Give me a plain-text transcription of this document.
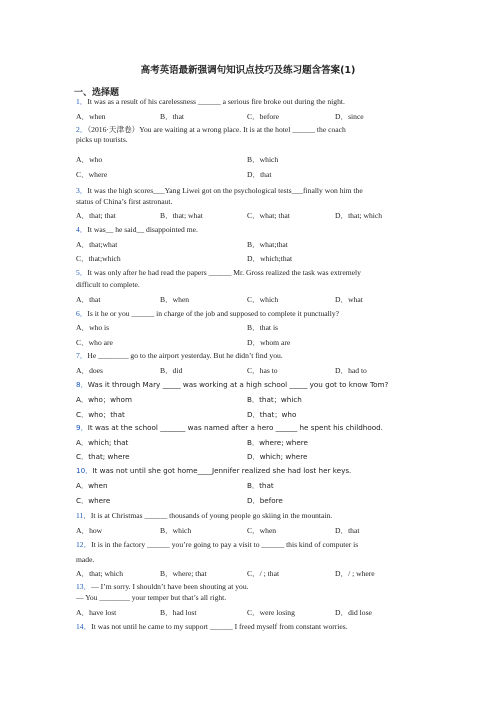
高考英语最新强调句知识点技巧及练习题含答案(1)
一、选择题
1．It was as a result of his carelessness ______ a serious fire broke out during the night.
A．when	B．that	C．before	D．since
2．（2016·天津卷）You are waiting at a wrong place. It is at the hotel ______ the coach
picks up tourists.
A．who	B．which
C．where	D．that
3．It was the high scores___Yang Liwei got on the psychological tests___finally won him the
status of China’s first astronaut.
A．that; that	B．that; what	C．what; that	D．that; which
4．It was__ he said__ disappointed me.
A．that;what	B．what;that
C．that;which	D．which;that
5．It was only after he had read the papers ______ Mr. Gross realized the task was extremely
difficult to complete.
A．that	B．when	C．which	D．what
6．Is it he or you ______ in charge of the job and supposed to complete it punctually?
A．who is	B．that is
C．who are	D．whom are
7．He ________ go to the airport yesterday. But he didn’t find you.
A．does	B．did	C．has to	D．had to
8．Was it through Mary _____ was working at a high school _____ you got to know Tom?
A．who；whom	B．that；which
C．who；that	D．that；who
9．It was at the school _______ was named after a hero ______ he spent his childhood.
A．which; that	B．where; where
C．that; where	D．which; where
10．It was not until she got home____Jennifer realized she had lost her keys.
A．when	B．that
C．where	D．before
11．It is at Christmas ______ thousands of young people go skiing in the mountain.
A．how	B．which	C．when	D．that
12．It is in the factory ______ you’re going to pay a visit to ______ this kind of computer is
made.
A．that; which	B．where; that	C．/ ; that	D．/ ; where
13．— I’m sorry. I shouldn’t have been shouting at you.
— You ________ your temper but that’s all right.
A．have lost	B．had lost	C．were losing	D．did lose
14．It was not until he came to my support ______ I freed myself from constant worries.
